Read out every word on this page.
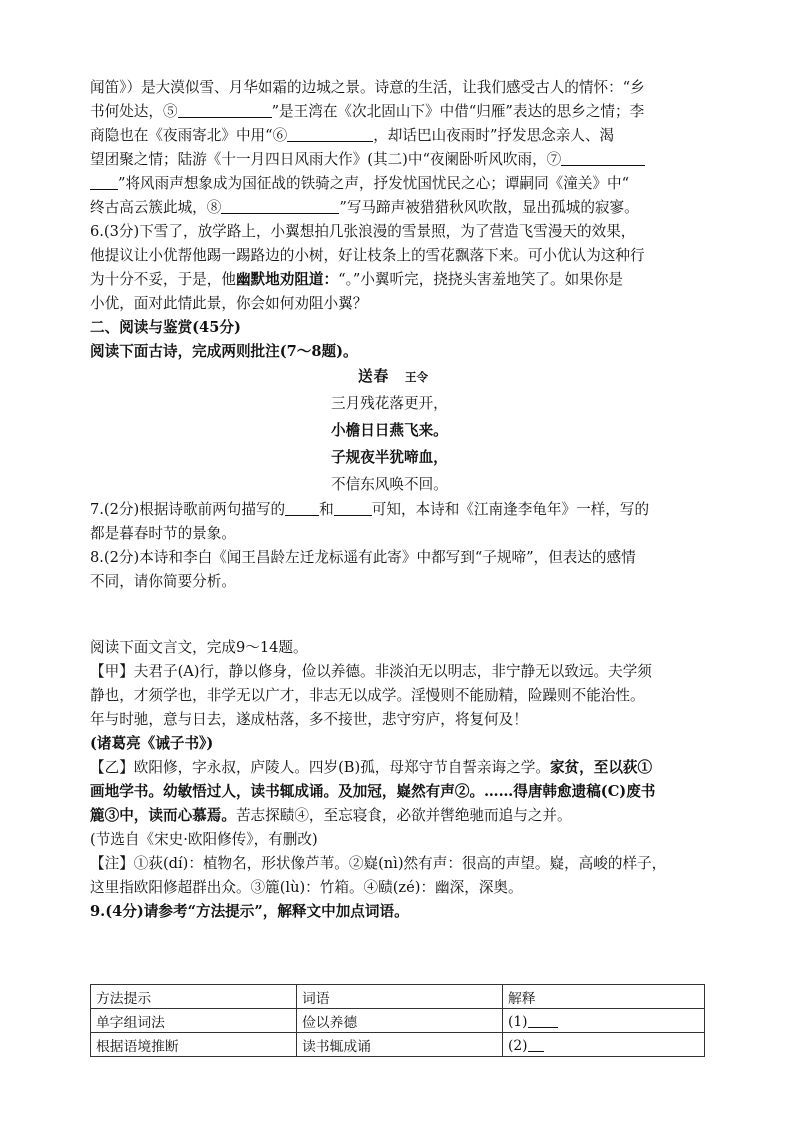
闻笛》）是大漠似雪、月华如霜的边城之景。诗意的生活，让我们感受古人的情怀：“乡
书何处达，⑤	”是王湾在《次北固山下》中借“归雁”表达的思乡之情；李
商隐也在《夜雨寄北》中用“⑥	，却话巴山夜雨时”抒发思念亲人、渴
望团聚之情；陆游《十一月四日风雨大作》(其二)中“夜阑卧听风吹雨，⑦
”将风雨声想象成为国征战的铁骑之声，抒发忧国忧民之心；谭嗣同《潼关》中“
终古高云簇此城，⑧	”写马蹄声被猎猎秋风吹散，显出孤城的寂寥。
6.(3分)下雪了，放学路上，小翼想拍几张浪漫的雪景照，为了营造飞雪漫天的效果，
他提议让小优帮他踢一踢路边的小树，好让枝条上的雪花飘落下来。可小优认为这种行
为十分不妥，于是，他幽默地劝阻道：“。”小翼听完，挠挠头害羞地笑了。如果你是
小优，面对此情此景，你会如何劝阻小翼？
二、阅读与鉴赏(45分)
阅读下面古诗，完成两则批注(7～8题)。
送春 王令
三月残花落更开，
小檐日日燕飞来。
子规夜半犹啼血，
不信东风唤不回。
7.(2分)根据诗歌前两句描写的 和	可知，本诗和《江南逢李龟年》一样，写的
都是暮春时节的景象。
8.(2分)本诗和李白《闻王昌龄左迁龙标遥有此寄》中都写到“子规啼”，但表达的感情
不同，请你简要分析。
阅读下面文言文，完成9～14题。
【甲】夫君子(A)行，静以修身，俭以养德。非淡泊无以明志，非宁静无以致远。夫学须
静也，才须学也，非学无以广才，非志无以成学。淫慢则不能励精，险躁则不能治性。
年与时驰，意与日去，遂成枯落，多不接世，悲守穷庐，将复何及！
(诸葛亮《诫子书》)
【乙】欧阳修，字永叔，庐陵人。四岁(B)孤，母郑守节自誓亲诲之学。家贫，至以荻①
画地学书。幼敏悟过人，读书辄成诵。及加冠，嶷然有声②。……得唐韩愈遗稿(C)废书
簏③中，读而心慕焉。苦志探赜④，至忘寝食，必欲并辔绝驰而追与之并。
(节选自《宋史·欧阳修传》，有删改)
【注】①荻(dí)：植物名，形状像芦苇。②嶷(nì)然有声：很高的声望。嶷，高峻的样子，
这里指欧阳修超群出众。③簏(lù)：竹箱。④赜(zé)：幽深，深奥。
9.(4分)请参考“方法提示”，解释文中加点词语。
方法提示	词语	解释
单字组词法	俭以养德	(1)
根据语境推断	读书辄成诵	(2)
